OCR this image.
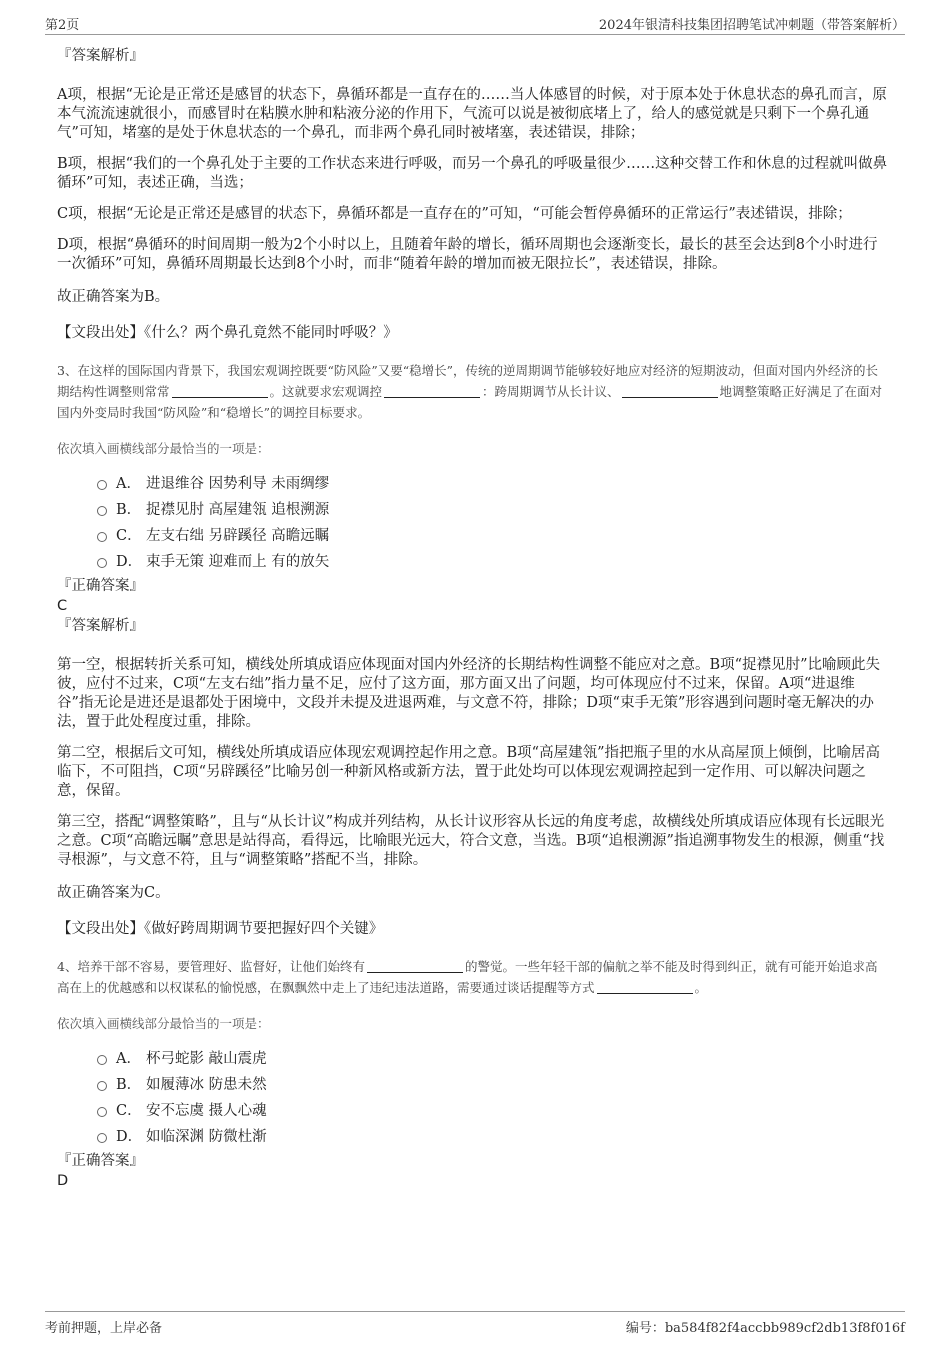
第2页	2024年银清科技集团招聘笔试冲刺题（带答案解析）
『答案解析』

A项，根据“无论是正常还是感冒的状态下，鼻循环都是一直存在的……当人体感冒的时候，对于原本处于休息状态的鼻孔而言，原本气流流速就很小，而感冒时在粘膜水肿和粘液分泌的作用下，气流可以说是被彻底堵上了，给人的感觉就是只剩下一个鼻孔通气”可知，堵塞的是处于休息状态的一个鼻孔，而非两个鼻孔同时被堵塞，表述错误，排除；

B项，根据“我们的一个鼻孔处于主要的工作状态来进行呼吸，而另一个鼻孔的呼吸量很少……这种交替工作和休息的过程就叫做鼻循环”可知，表述正确，当选；

C项，根据“无论是正常还是感冒的状态下，鼻循环都是一直存在的”可知，“可能会暂停鼻循环的正常运行”表述错误，排除；

D项，根据“鼻循环的时间周期一般为2个小时以上，且随着年龄的增长，循环周期也会逐渐变长，最长的甚至会达到8个小时进行一次循环”可知，鼻循环周期最长达到8个小时，而非“随着年龄的增加而被无限拉长”，表述错误，排除。

故正确答案为B。

【文段出处】《什么？两个鼻孔竟然不能同时呼吸？》
3、在这样的国际国内背景下，我国宏观调控既要“防风险”又要“稳增长”，传统的逆周期调节能够较好地应对经济的短期波动，但面对国内外经济的长期结构性调整则常常	。这就要求宏观调控	：跨周期调节从长计议、	地调整策略正好满足了在面对国内外变局时我国“防风险”和“稳增长”的调控目标要求。
依次填入画横线部分最恰当的一项是：
A． 进退维谷 因势利导 未雨绸缪
B． 捉襟见肘 高屋建瓴 追根溯源
C． 左支右绌 另辟蹊径 高瞻远瞩
D． 束手无策 迎难而上 有的放矢
『正确答案』
C
『答案解析』

第一空，根据转折关系可知，横线处所填成语应体现面对国内外经济的长期结构性调整不能应对之意。B项“捉襟见肘”比喻顾此失彼，应付不过来，C项“左支右绌”指力量不足，应付了这方面，那方面又出了问题，均可体现应付不过来，保留。A项“进退维谷”指无论是进还是退都处于困境中，文段并未提及进退两难，与文意不符，排除；D项“束手无策”形容遇到问题时毫无解决的办法，置于此处程度过重，排除。

第二空，根据后文可知，横线处所填成语应体现宏观调控起作用之意。B项“高屋建瓴”指把瓶子里的水从高屋顶上倾倒，比喻居高临下，不可阻挡，C项“另辟蹊径”比喻另创一种新风格或新方法，置于此处均可以体现宏观调控起到一定作用、可以解决问题之意，保留。

第三空，搭配“调整策略”，且与“从长计议”构成并列结构，从长计议形容从长远的角度考虑，故横线处所填成语应体现有长远眼光之意。C项“高瞻远瞩”意思是站得高，看得远，比喻眼光远大，符合文意，当选。B项“追根溯源”指追溯事物发生的根源，侧重“找寻根源”，与文意不符，且与“调整策略”搭配不当，排除。

故正确答案为C。

【文段出处】《做好跨周期调节要把握好四个关键》
4、培养干部不容易，要管理好、监督好，让他们始终有	的警觉。一些年轻干部的偏航之举不能及时得到纠正，就有可能开始追求高高在上的优越感和以权谋私的愉悦感，在飘飘然中走上了违纪违法道路，需要通过谈话提醒等方式	。
依次填入画横线部分最恰当的一项是：
A． 杯弓蛇影 敲山震虎
B． 如履薄冰 防患未然
C． 安不忘虞 摄人心魂
D． 如临深渊 防微杜渐
『正确答案』
D
考前押题，上岸必备	编号：ba584f82f4accbb989cf2db13f8f016f
